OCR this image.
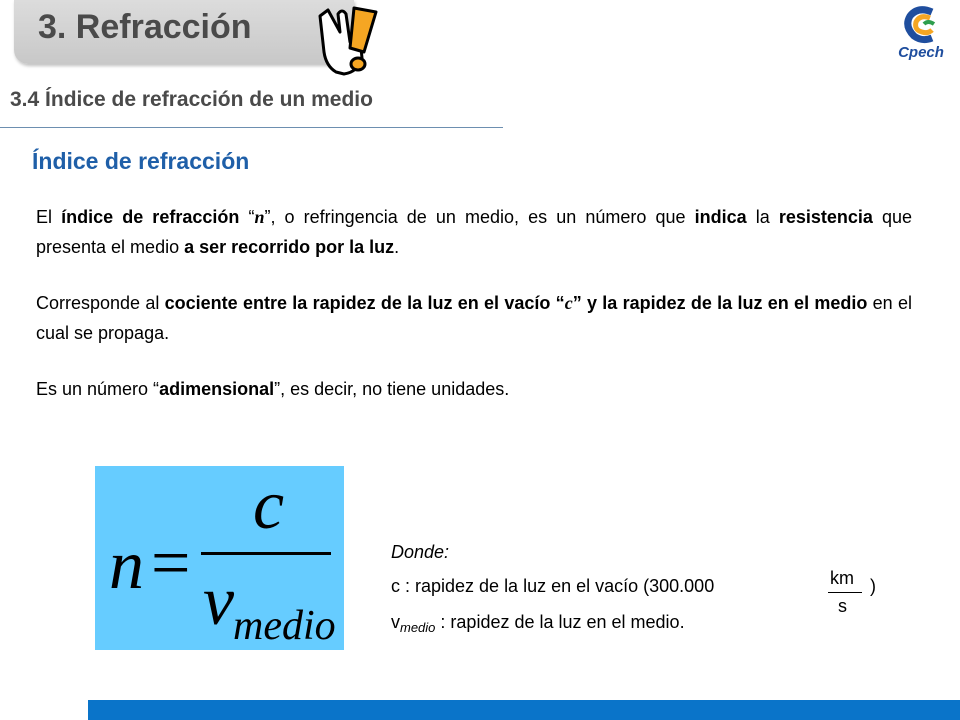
3. Refracción
Cpech
3.4 Índice de refracción de un medio
Índice de refracción
El índice de refracción “n”, o refringencia de un medio, es un número que indica la resistencia que presenta el medio a ser recorrido por la luz.
Corresponde al cociente entre la rapidez de la luz en el vacío “c” y la rapidez de la luz en el medio en el cual se propaga.
Es un número “adimensional”, es decir, no tiene unidades.
n =
c
v
medio
Donde:
c : rapidez de la luz en el vacío (300.000	km
s
)
$v_{medio}$ : rapidez de la luz en el medio.
